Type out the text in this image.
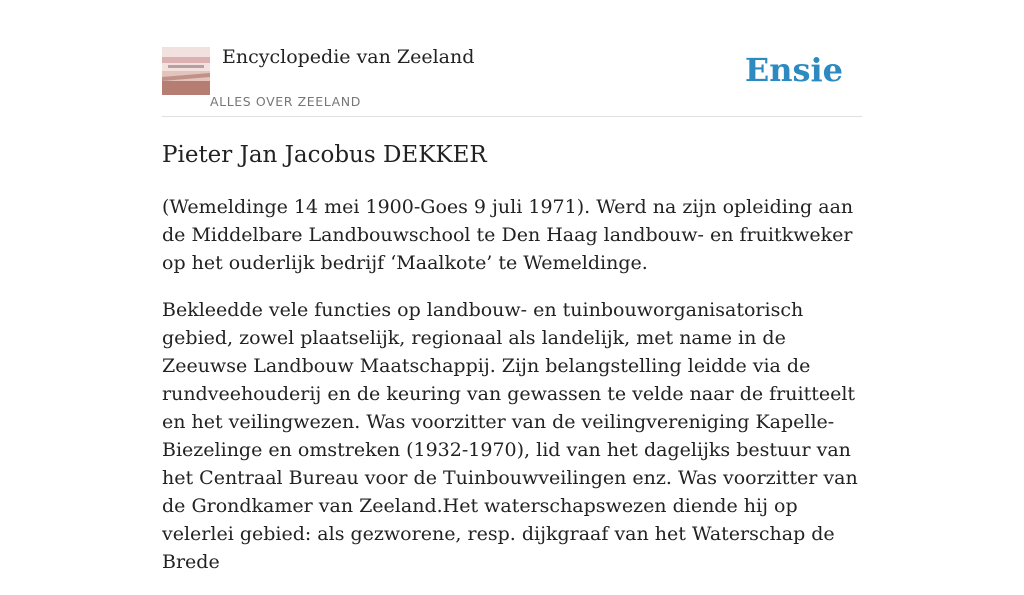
Encyclopedie van Zeeland
ALLES OVER ZEELAND
Ensie
Pieter Jan Jacobus DEKKER

(Wemeldinge 14 mei 1900-Goes 9 juli 1971). Werd na zijn opleiding aan de Middelbare Landbouwschool te Den Haag landbouw- en fruitkweker op het ouderlijk bedrijf ‘Maalkote’ te Wemeldinge.

Bekleedde vele functies op landbouw- en tuinbouworganisatorisch gebied, zowel plaatselijk, regionaal als landelijk, met name in de Zeeuwse Landbouw Maatschappij. Zijn belangstelling leidde via de rundveehouderij en de keuring van gewassen te velde naar de fruitteelt en het veilingwezen. Was voorzitter van de veilingvereniging Kapelle-Biezelinge en omstreken (1932-1970), lid van het dagelijks bestuur van het Centraal Bureau voor de Tuinbouwveilingen enz. Was voorzitter van de Grondkamer van Zeeland.Het waterschapswezen diende hij op velerlei gebied: als gezworene, resp. dijkgraaf van het Waterschap de Brede
